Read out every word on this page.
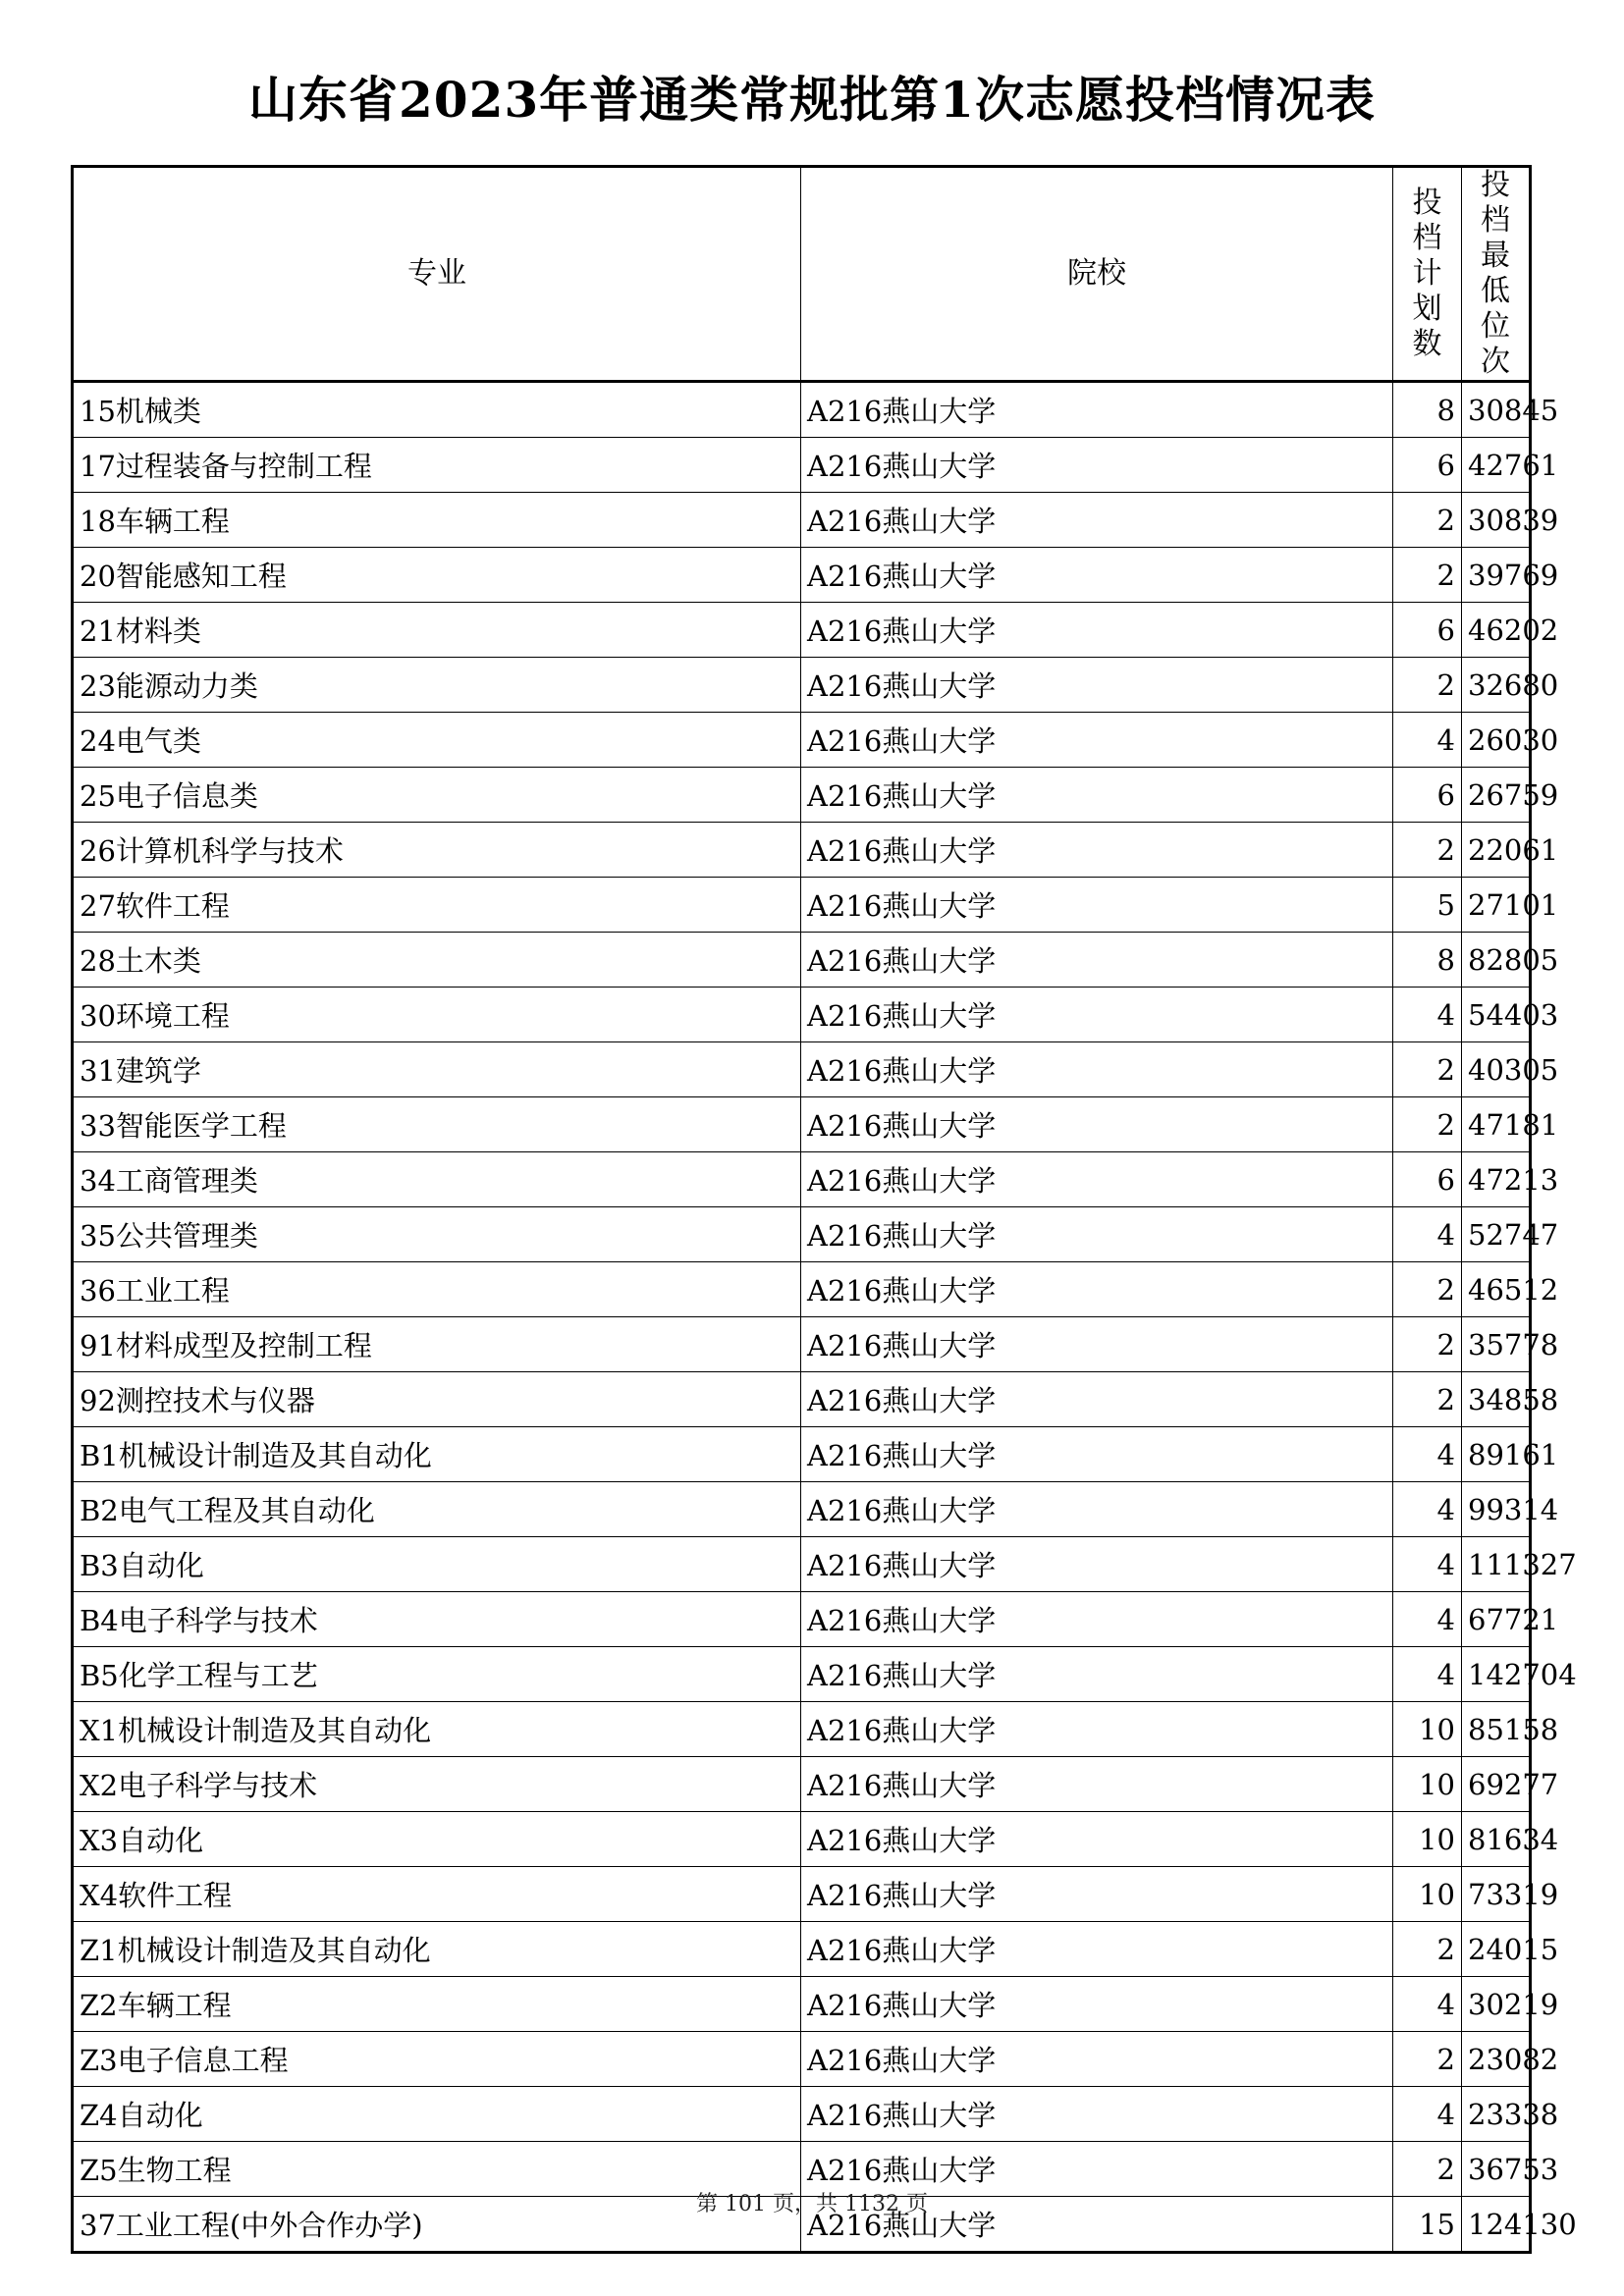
山东省2023年普通类常规批第1次志愿投档情况表
专业	院校	投档计划数	投档最低位次
15机械类	A216燕山大学	8	30845
17过程装备与控制工程	A216燕山大学	6	42761
18车辆工程	A216燕山大学	2	30839
20智能感知工程	A216燕山大学	2	39769
21材料类	A216燕山大学	6	46202
23能源动力类	A216燕山大学	2	32680
24电气类	A216燕山大学	4	26030
25电子信息类	A216燕山大学	6	26759
26计算机科学与技术	A216燕山大学	2	22061
27软件工程	A216燕山大学	5	27101
28土木类	A216燕山大学	8	82805
30环境工程	A216燕山大学	4	54403
31建筑学	A216燕山大学	2	40305
33智能医学工程	A216燕山大学	2	47181
34工商管理类	A216燕山大学	6	47213
35公共管理类	A216燕山大学	4	52747
36工业工程	A216燕山大学	2	46512
91材料成型及控制工程	A216燕山大学	2	35778
92测控技术与仪器	A216燕山大学	2	34858
B1机械设计制造及其自动化	A216燕山大学	4	89161
B2电气工程及其自动化	A216燕山大学	4	99314
B3自动化	A216燕山大学	4	111327
B4电子科学与技术	A216燕山大学	4	67721
B5化学工程与工艺	A216燕山大学	4	142704
X1机械设计制造及其自动化	A216燕山大学	10	85158
X2电子科学与技术	A216燕山大学	10	69277
X3自动化	A216燕山大学	10	81634
X4软件工程	A216燕山大学	10	73319
Z1机械设计制造及其自动化	A216燕山大学	2	24015
Z2车辆工程	A216燕山大学	4	30219
Z3电子信息工程	A216燕山大学	2	23082
Z4自动化	A216燕山大学	4	23338
Z5生物工程	A216燕山大学	2	36753
37工业工程(中外合作办学)	A216燕山大学	15	124130
第 101 页，共 1132 页
